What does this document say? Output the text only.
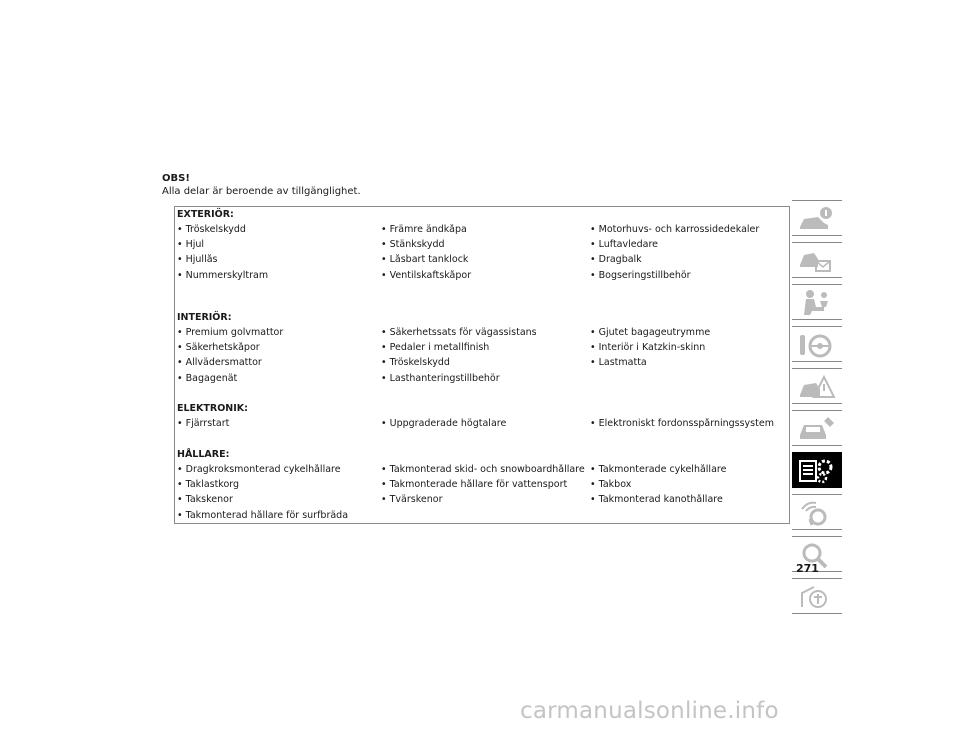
OBS!
Alla delar är beroende av tillgänglighet.
EXTERIÖR:
• Tröskelskydd	• Främre ändkåpa	• Motorhuvs- och karrossidedekaler
• Hjul	• Stänkskydd	• Luftavledare
• Hjullås	• Låsbart tanklock	• Dragbalk
• Nummerskyltram	• Ventilskaftskåpor	• Bogseringstillbehör
INTERIÖR:
• Premium golvmattor	• Säkerhetssats för vägassistans	• Gjutet bagageutrymme
• Säkerhetskåpor	• Pedaler i metallfinish	• Interiör i Katzkin-skinn
• Allvädersmattor	• Tröskelskydd	• Lastmatta
• Bagagenät	• Lasthanteringstillbehör
ELEKTRONIK:
• Fjärrstart	• Uppgraderade högtalare	• Elektroniskt fordonsspårningssystem
HÅLLARE:
• Dragkroksmonterad cykelhållare	• Takmonterad skid- och snowboardhållare • Takmonterade cykelhållare
• Taklastkorg	• Takmonterade hållare för vattensport	• Takbox
• Takskenor	• Tvärskenor	• Takmonterad kanothållare
• Takmonterad hållare för surfbräda
271
carmanualsonline.info
